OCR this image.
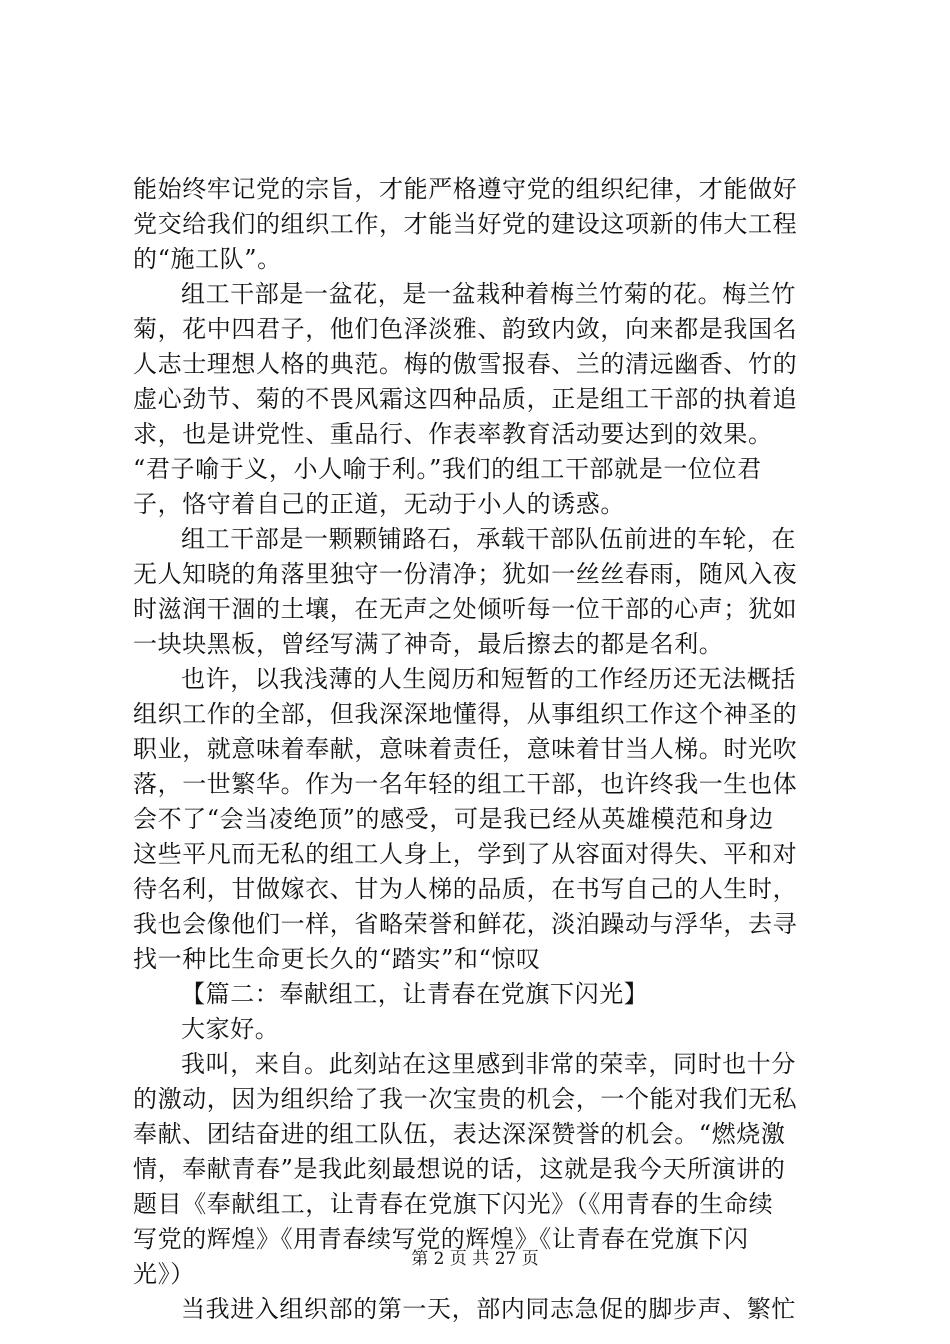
能始终牢记党的宗旨，才能严格遵守党的组织纪律，才能做好
党交给我们的组织工作，才能当好党的建设这项新的伟大工程
的“施工队”。
组工干部是一盆花，是一盆栽种着梅兰竹菊的花。梅兰竹
菊，花中四君子，他们色泽淡雅、韵致内敛，向来都是我国名
人志士理想人格的典范。梅的傲雪报春、兰的清远幽香、竹的
虚心劲节、菊的不畏风霜这四种品质，正是组工干部的执着追
求，也是讲党性、重品行、作表率教育活动要达到的效果。
“君子喻于义，小人喻于利。”我们的组工干部就是一位位君
子，恪守着自己的正道，无动于小人的诱惑。
组工干部是一颗颗铺路石，承载干部队伍前进的车轮，在
无人知晓的角落里独守一份清净；犹如一丝丝春雨，随风入夜
时滋润干涸的土壤，在无声之处倾听每一位干部的心声；犹如
一块块黑板，曾经写满了神奇，最后擦去的都是名利。
也许，以我浅薄的人生阅历和短暂的工作经历还无法概括
组织工作的全部，但我深深地懂得，从事组织工作这个神圣的
职业，就意味着奉献，意味着责任，意味着甘当人梯。时光吹
落，一世繁华。作为一名年轻的组工干部，也许终我一生也体
会不了“会当凌绝顶”的感受，可是我已经从英雄模范和身边
这些平凡而无私的组工人身上，学到了从容面对得失、平和对
待名利，甘做嫁衣、甘为人梯的品质，在书写自己的人生时，
我也会像他们一样，省略荣誉和鲜花，淡泊躁动与浮华，去寻
找一种比生命更长久的“踏实”和“惊叹
【篇二：奉献组工，让青春在党旗下闪光】
大家好。
我叫，来自。此刻站在这里感到非常的荣幸，同时也十分
的激动，因为组织给了我一次宝贵的机会，一个能对我们无私
奉献、团结奋进的组工队伍，表达深深赞誉的机会。“燃烧激
情，奉献青春”是我此刻最想说的话，这就是我今天所演讲的
题目《奉献组工，让青春在党旗下闪光》（《用青春的生命续
写党的辉煌》《用青春续写党的辉煌》《让青春在党旗下闪
光》）
当我进入组织部的第一天，部内同志急促的脚步声、繁忙
第 2 页 共 27 页
